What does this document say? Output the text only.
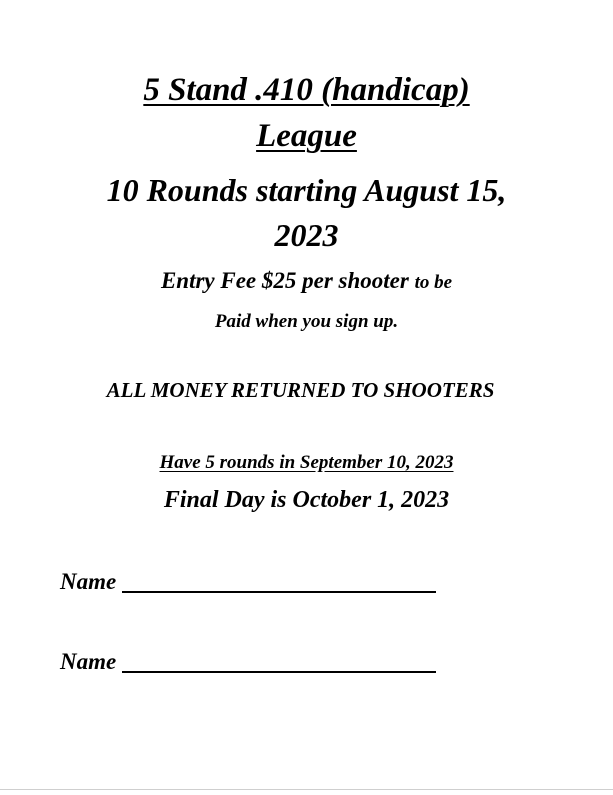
5 Stand .410 (handicap)

League

10 Rounds starting August 15,

2023

Entry Fee $25 per shooter to be

Paid when you sign up.

ALL MONEY RETURNED TO SHOOTERS

Have 5 rounds in September 10, 2023

Final Day is October 1, 2023

Name
Name
